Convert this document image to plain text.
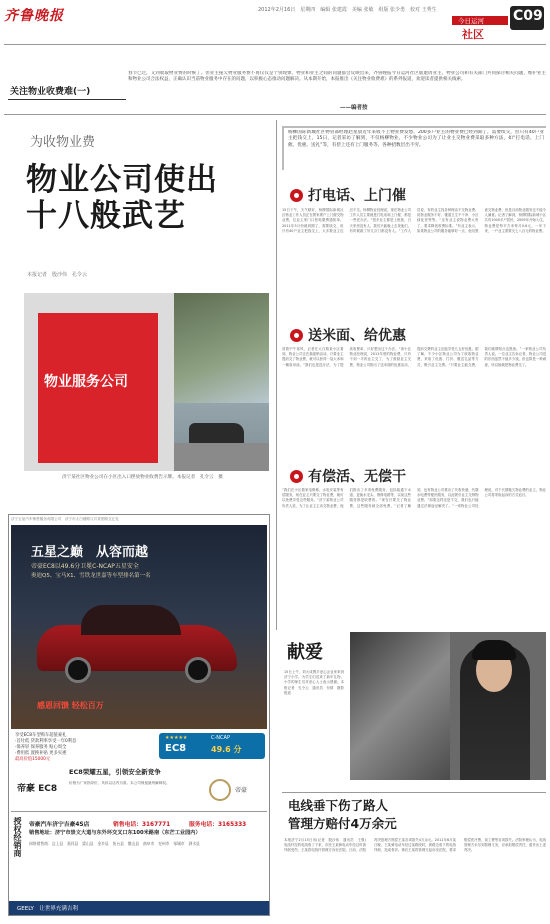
齐鲁晚报	2012年2月16日　星期四　编辑 张建霞　美编 张敏　组版 张少勇　校对 王秀生
今日运河
社区
C09
关注物业收费难(一)
春节已过，又到收取物业费的时候了。但业主拖欠物业服务费不再仅仅是个别现象，物业和业主之间的问题都会反映出来，齐鲁晚报今日运河社区版邀请业主、物业公司和有关部门共同探讨相关问题，维护业主和物业公司合法权益，正确认识当前物业服务中存在的问题，以积极心态推动问题解决。从本期开始，本报推出《关注物业收费难》的系列报道，欢迎读者提供相关线索。
——编者按
为收物业费
物业公司使出
十八般武艺
本报记者　殷沙伟　孔令云
杨柳国际新城社区物管部经理赵星晨近年来收不上物业费发愁，200多户业主的物业费已经到期了，需要续交，但只有40户业主把钱交上，15日，记者采访了解到，不仅杨柳物业，不少物业公司为了让业主交物业费采取多种方法，如“打电话、上门催、优惠、送礼”等，有偿上还有上门服务等，各种招数层出不穷。
物业服务公司
济宁某社区物业公司在小区出入口摆放物业收费告示牌。本报记者　孔令云　摄
打电话、上门催
15日下午，天气晴好，杨柳国际新城社区物业工作人员正在挨家挨户上门催交物业费，往业主家门口张贴缴费通知单。2011年5月份就到期了，需要续交，但只有40户业主把钱交上，大多数业主迟迟不交。杨柳物业经理说，现在物业公司工作人员主要就是打电话和上门催，都是一些老办法。“很多业主都是上班族，白天家里没有人，我们只能晚上去找他们，有时候敲了好几次门都没有人。”工作人员说，有的业主找各种理由不交物业费，说物业服务不好、楼道卫生不干净、小区绿化差等等。“还有业主说物业费太贵了，要求降低收费标准。”有业主表示，如果物业公司的服务能够好一点，他们愿意交物业费，但是目前物业服务还不能令人满意。记者了解到，杨柳国际新城小区共有1000多户居民，2009年开始入住。物业费是每平方米每月0.6元，一年下来，一户业主需要交七八百元的物业费。
送米面、给优惠
冒着中午寒风，记者在太白路某小区看到，物业公司正在搞促销活动。只要业主提前交了物业费，就可以获得一袋大米和一桶食用油。“我们也是没办法，为了提高收费率，只好想出这个办法。”该小区物业经理说，2011年度的物业费，只有不到一半的业主交了，为了鼓励业主交费，物业公司推出了送米面的优惠活动，提前交费的业主还能享受九五折优惠。据了解，不少小区物业公司为了收取物业费，采取了优惠、打折、赠送礼品等方式，吸引业主交费。“只要业主能交费，我们就算赔点也愿意。”一家物业公司负责人说。一位业主告诉记者，物业公司送的东西虽然不值多少钱，但也算是一种诚意，所以她就把物业费交了。
有偿活、无偿干
“我们在小区做家电维修、水电安装等有偿服务，现在业主只要交了物业费，就可以免费享受这些服务。”济宁某物业公司负责人说，为了让业主主动交物业费，他们推出了多项免费服务，包括疏通下水道、更换水龙头、维修电路等，以前这些服务都是收费的。“现在只要交了物业费，这些服务就全部免费。”记者了解到，也有物业公司推出了代收快递、代缴水电费等便民服务，以此吸引业主交纳物业费。“如果这样还是不交，我们也只能通过法律途径解决了。”一家物业公司经理说，对于长期拖欠物业费的业主，物业公司将采取起诉的方式追讨。
济宁五星汽车销售服务有限公司　济宁市太白楼路与共青团路交汇处
五星之巅　从容而越
帝豪EC8以49.6分卫冕C-NCAP五星安全
奥迪Q5、宝马X1、雪铁龙世嘉等车型排名第一名
感恩回馈 轻松百万
C-NCAP
★★★★★
EC8	49.6 分
享受EC8车型购车超值豪礼
·首付低 贷款利率享受一年0利息
·保养轻 保养服务 贴心周全
·费用低 置换补贴 更多实惠
最高价值15000元
EC8荣耀五星，引领安全新竞争
帝豪 EC8	帝豪
价格为厂家指导价，具体以店内为准。本公司保留最终解释权。
授权经销商 帝豪汽车济宁吉豪4S店	销售电话：3167771	服务电话：3165333
销售地址：济宁市崇文大道与东外环交叉口东100米路南（东芒工业园内）
网络销售商：汶上县　嘉祥县　梁山县　金乡县　鱼台县　微山县　曲阜市　兖州市　邹城市　泗水县
GEELY　让世界充满吉利
献爱
15日上午，刘大成携手爱心企业家来到济宁小学，为学生们送来了新年礼物，小学的师生们对爱心人士表示感谢。本报记者　孔令云　通讯员　付倩　摄影报道
电线垂下伤了路人
管理方赔付4万余元
本报济宁2月15日讯(记者　殷沙伟　通讯员　王强)　电线杆拉的电线垂了下来，市民王某骑电动车经过时被绊倒受伤，王某将电线杆管理方诉至法院。日前，法院判决管理方赔偿王某各项损失4万余元。2011年6月某日晚，王某骑电动车经过某路段时，被路边垂下的电线绊倒，造成骨折。事后王某将管理方起诉至法院，要求赔偿医疗费、误工费等各项损失。法院审理认为，电线管理方未尽到管理义务，应承担赔偿责任，遂作出上述判决。
